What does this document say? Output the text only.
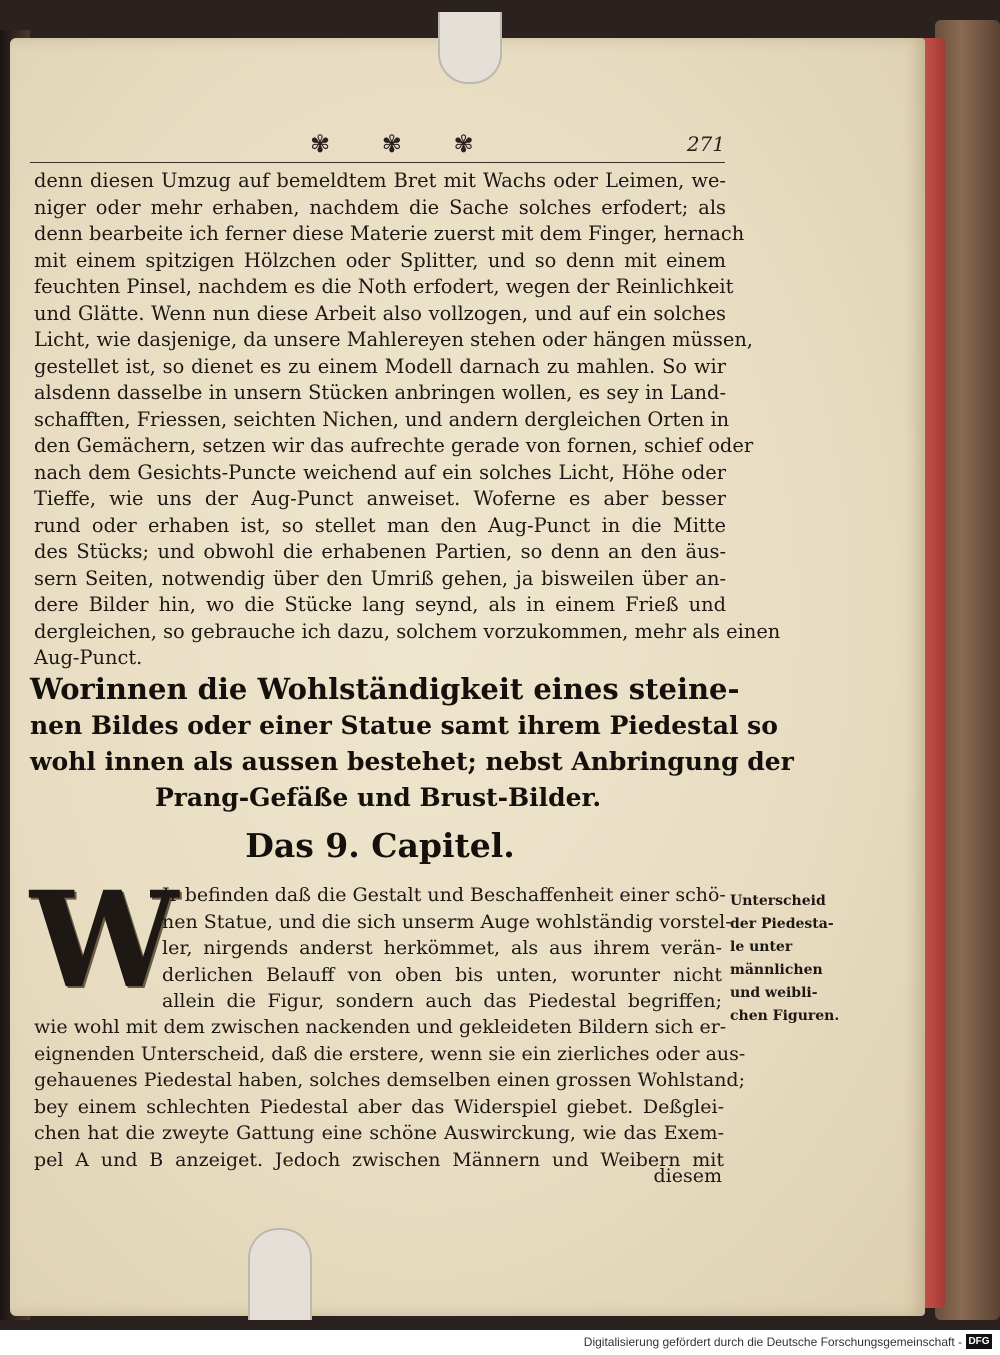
✾ ✾ ✾	271
denn diesen Umzug auf bemeldtem Bret mit Wachs oder Leimen, we-
niger oder mehr erhaben, nachdem die Sache solches erfodert; als
denn bearbeite ich ferner diese Materie zuerst mit dem Finger, hernach
mit einem spitzigen Hölzchen oder Splitter, und so denn mit einem
feuchten Pinsel, nachdem es die Noth erfodert, wegen der Reinlichkeit
und Glätte. Wenn nun diese Arbeit also vollzogen, und auf ein solches
Licht, wie dasjenige, da unsere Mahlereyen stehen oder hängen müssen,
gestellet ist, so dienet es zu einem Modell darnach zu mahlen. So wir
alsdenn dasselbe in unsern Stücken anbringen wollen, es sey in Land-
schafften, Friessen, seichten Nichen, und andern dergleichen Orten in
den Gemächern, setzen wir das aufrechte gerade von fornen, schief oder
nach dem Gesichts-Puncte weichend auf ein solches Licht, Höhe oder
Tieffe, wie uns der Aug-Punct anweiset. Woferne es aber besser
rund oder erhaben ist, so stellet man den Aug-Punct in die Mitte
des Stücks; und obwohl die erhabenen Partien, so denn an den äus-
sern Seiten, notwendig über den Umriß gehen, ja bisweilen über an-
dere Bilder hin, wo die Stücke lang seynd, als in einem Frieß und
dergleichen, so gebrauche ich dazu, solchem vorzukommen, mehr als einen
Aug-Punct.
Worinnen die Wohlständigkeit eines steine-
nen Bildes oder einer Statue samt ihrem Piedestal so
wohl innen als aussen bestehet; nebst Anbringung der
Prang-Gefäße und Brust-Bilder.
Das 9. Capitel.
W
Jr befinden daß die Gestalt und Beschaffenheit einer schö-
nen Statue, und die sich unserm Auge wohlständig vorstel-
ler, nirgends anderst herkömmet, als aus ihrem verän-
derlichen Belauff von oben bis unten, worunter nicht
allein die Figur, sondern auch das Piedestal begriffen;
wie wohl mit dem zwischen nackenden und gekleideten Bildern sich er-
eignenden Unterscheid, daß die erstere, wenn sie ein zierliches oder aus-
gehauenes Piedestal haben, solches demselben einen grossen Wohlstand;
bey einem schlechten Piedestal aber das Widerspiel giebet. Deßglei-
chen hat die zweyte Gattung eine schöne Auswirckung, wie das Exem-
pel A und B anzeiget. Jedoch zwischen Männern und Weibern mit
diesem
Unterscheid
der Piedesta-
le unter
männlichen
und weibli-
chen Figuren.
Digitalisierung gefördert durch die Deutsche Forschungsgemeinschaft - DFG
